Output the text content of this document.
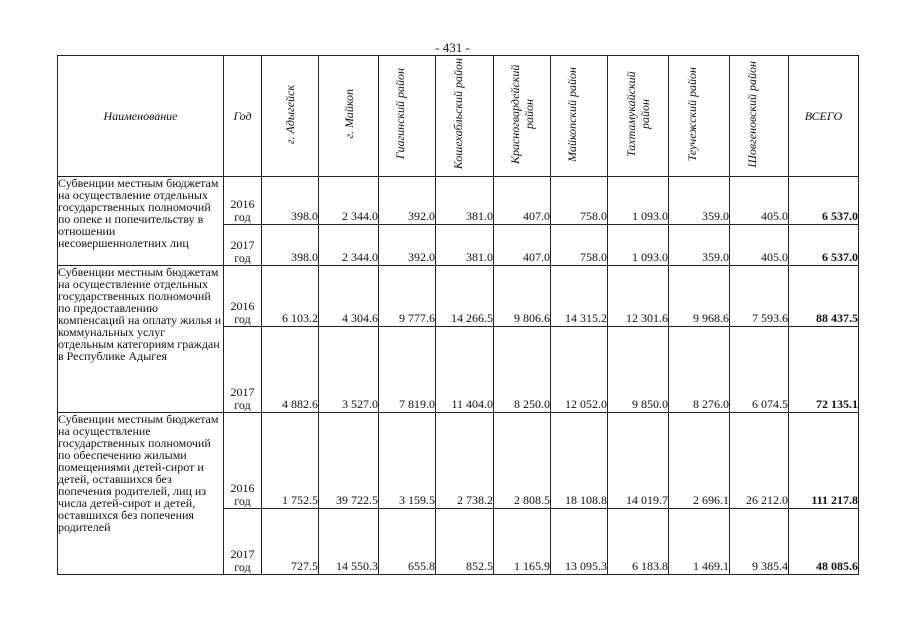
- 431 -
Наименование	Год	г. Адыгейск	г. Майкоп	Гиагинский район	Кошехабльский район	Красногвардейский район	Майкопский район	Тахтамукайский район	Теучежский район	Шовгеновский район	ВСЕГО
Субвенции местным бюджетам на осуществление отдельных государственных полномочий по опеке и попечительству в отношении несовершеннолетних лиц	2016 год	398.0	2 344.0	392.0	381.0	407.0	758.0	1 093.0	359.0	405.0	6 537.0
	2017 год	398.0	2 344.0	392.0	381.0	407.0	758.0	1 093.0	359.0	405.0	6 537.0
Субвенции местным бюджетам на осуществление отдельных государственных полномочий по предоставлению компенсаций на оплату жилья и коммунальных услуг отдельным категориям граждан в Республике Адыгея	2016 год	6 103.2	4 304.6	9 777.6	14 266.5	9 806.6	14 315.2	12 301.6	9 968.6	7 593.6	88 437.5
	2017 год	4 882.6	3 527.0	7 819.0	11 404.0	8 250.0	12 052.0	9 850.0	8 276.0	6 074.5	72 135.1
Субвенции местным бюджетам на осуществление государственных полномочий по обеспечению жилыми помещениями детей-сирот и детей, оставшихся без попечения родителей, лиц из числа детей-сирот и детей, оставшихся без попечения родителей	2016 год	1 752.5	39 722.5	3 159.5	2 738.2	2 808.5	18 108.8	14 019.7	2 696.1	26 212.0	111 217.8
	2017 год	727.5	14 550.3	655.8	852.5	1 165.9	13 095.3	6 183.8	1 469.1	9 385.4	48 085.6
